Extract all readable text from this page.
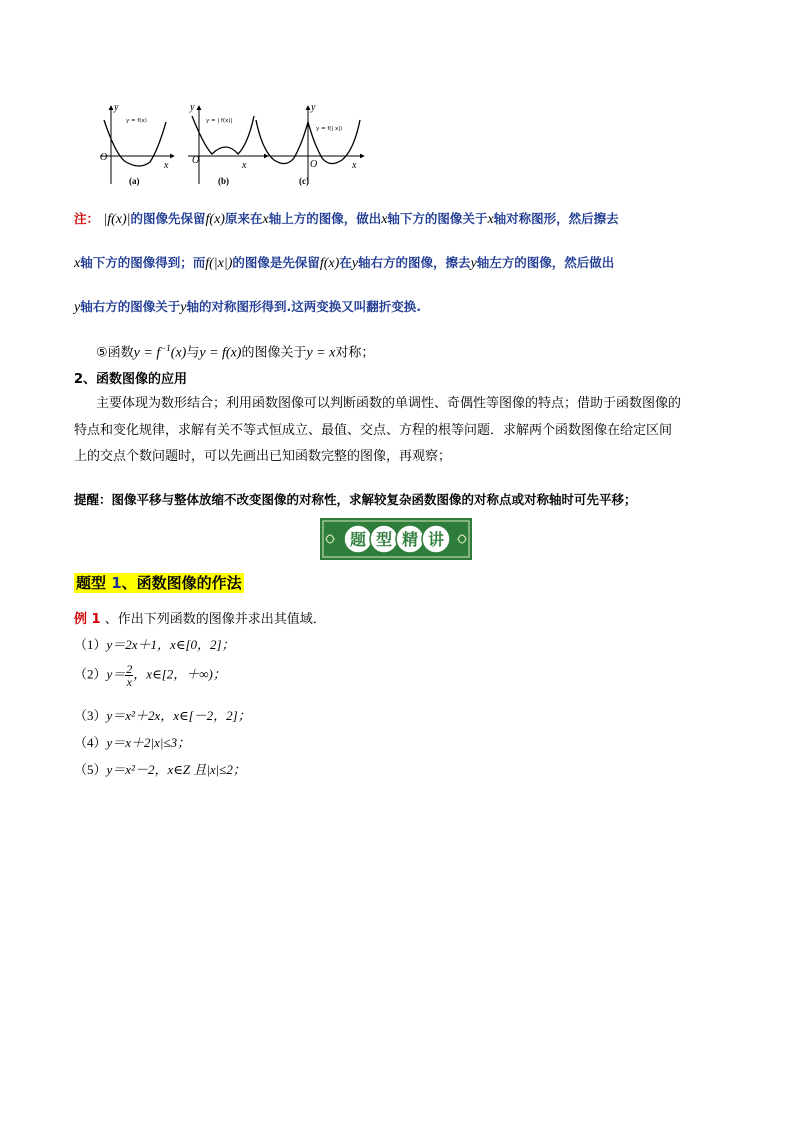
y
y = f(x)
O
x
(a)
y
y = | f(x)|
O	x
(b)
y
y = f(| x|)
O	x
(c)
注： |f(x)|的图像先保留f(x)原来在x轴上方的图像，做出x轴下方的图像关于x轴对称图形，然后擦去
x轴下方的图像得到；而f(|x|)的图像是先保留f(x)在y轴右方的图像，擦去y轴左方的图像，然后做出
y轴右方的图像关于y轴的对称图形得到.这两变换又叫翻折变换.
⑤函数$y = f^{-1}(x)$与y = f(x)的图像关于y = x对称；
2、函数图像的应用
主要体现为数形结合；利用函数图像可以判断函数的单调性、奇偶性等图像的特点；借助于函数图像的
特点和变化规律，求解有关不等式恒成立、最值、交点、方程的根等问题．求解两个函数图像在给定区间
上的交点个数问题时，可以先画出已知函数完整的图像，再观察；
提醒：图像平移与整体放缩不改变图像的对称性，求解较复杂函数图像的对称点或对称轴时可先平移；
题 型 精 讲
题型 1、函数图像的作法
例 1 、作出下列函数的图像并求出其值域．
（1）y＝2x＋1，x∈[0，2]；
$(2)y= \frac{2}{x}$ ，x∈[2，＋∞)；
（3）y＝x²＋2x，x∈[－2，2]；
（4）y＝x＋2|x|≤3；
（5）y＝x²－2，x∈Z 且|x|≤2；
